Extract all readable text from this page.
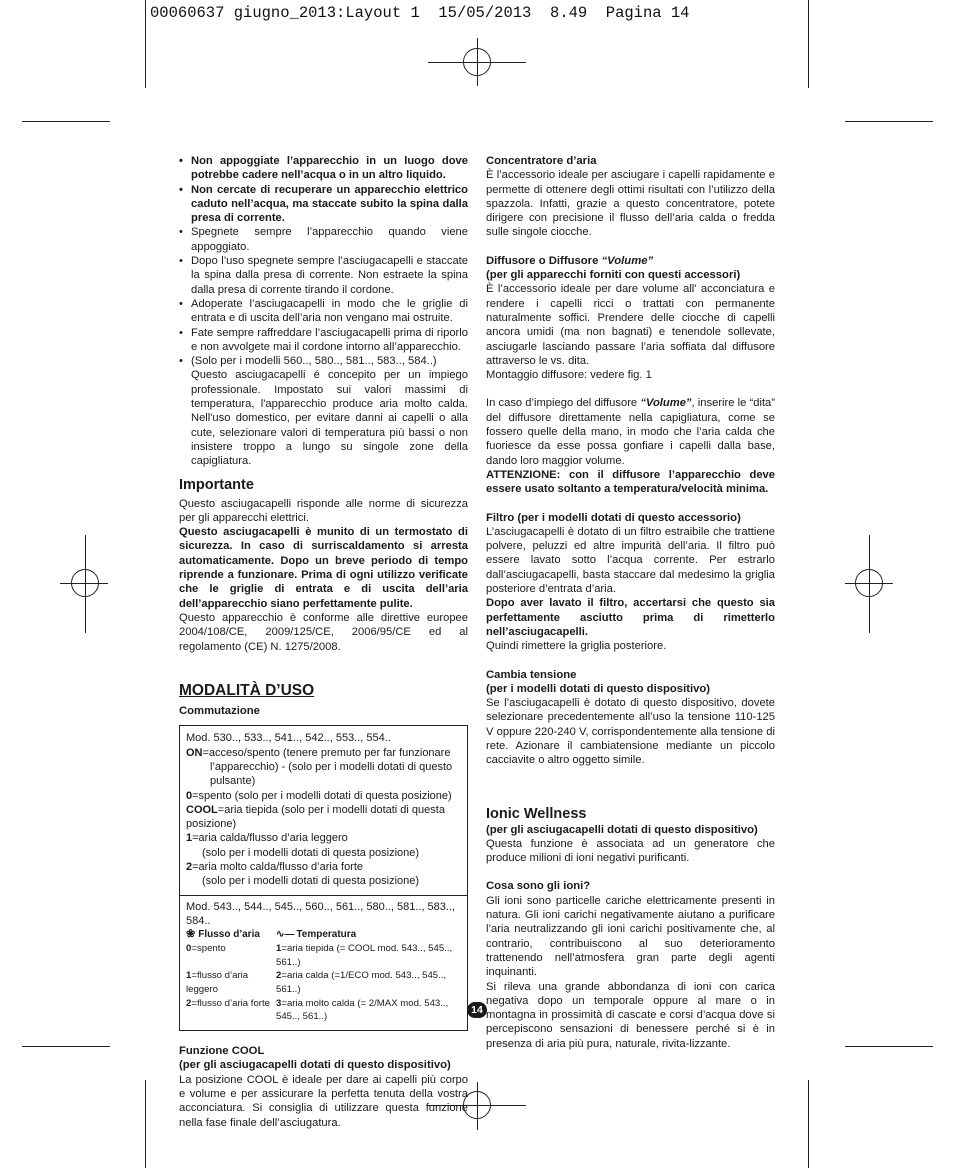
00060637 giugno_2013:Layout 1  15/05/2013  8.49  Pagina 14
• Non appoggiate l’apparecchio in un luogo dove potrebbe cadere nell’acqua o in un altro liquido.
• Non cercate di recuperare un apparecchio elettrico caduto nell’acqua, ma staccate subito la spina dalla presa di corrente.
• Spegnete sempre l’apparecchio quando viene appoggiato.
• Dopo l’uso spegnete sempre l’asciugacapelli e staccate la spina dalla presa di corrente. Non estraete la spina dalla presa di corrente tirando il cordone.
• Adoperate l’asciugacapelli in modo che le griglie di entrata e di uscita dell’aria non vengano mai ostruite.
• Fate sempre raffreddare l’asciugacapelli prima di riporlo e non avvolgete mai il cordone intorno all’apparecchio.
• (Solo per i modelli 560.., 580.., 581.., 583.., 584..)
Questo asciugacapelli é concepito per un impiego professionale. Impostato sui valori massimi di temperatura, l'apparecchio produce aria molto calda. Nell'uso domestico, per evitare danni ai capelli o alla cute, selezionare valori di temperatura più bassi o non insistere troppo a lungo su singole zone della capigliatura.
Importante
Questo asciugacapelli risponde alle norme di sicurezza per gli apparecchi elettrici.
Questo asciugacapelli è munito di un termostato di sicurezza. In caso di surriscaldamento si arresta automaticamente. Dopo un breve periodo di tempo riprende a funzionare. Prima di ogni utilizzo verificate che le griglie di entrata e di uscita dell’aria dell’apparecchio siano perfettamente pulite.
Questo apparecchio è conforme alle direttive europee 2004/108/CE, 2009/125/CE, 2006/95/CE ed al regolamento (CE) N. 1275/2008.
MODALITÀ D’USO
Commutazione
Mod. 530.., 533.., 541.., 542.., 553.., 554..
ON=acceso/spento (tenere premuto per far funzionare
l’apparecchio) - (solo per i modelli dotati di questo pulsante)
0=spento (solo per i modelli dotati di questa posizione)
COOL=aria tiepida (solo per i modelli dotati di questa posizione)
1=aria calda/flusso d’aria leggero
(solo per i modelli dotati di questa posizione)
2=aria molto calda/flusso d’aria forte
(solo per i modelli dotati di questa posizione)
Mod. 543.., 544.., 545.., 560.., 561.., 580.., 581.., 583.., 584..
❀ Flusso d’aria	∿— Temperatura
0=spento	1=aria tiepida (= COOL mod. 543.., 545.., 561..)
1=flusso d’aria leggero
2=aria calda (=1/ECO mod. 543.., 545.., 561..)
2=flusso d’aria forte 3=aria molto calda (= 2/MAX mod. 543.., 545.., 561..)
Funzione COOL
(per gli asciugacapelli dotati di questo dispositivo)
La posizione COOL è ideale per dare ai capelli più corpo e volume e per assicurare la perfetta tenuta della vostra acconciatura. Si consiglia di utilizzare questa funzione nella fase finale dell’asciugatura.
Concentratore d’aria
È l’accessorio ideale per asciugare i capelli rapidamente e permette di ottenere degli ottimi risultati con l’utilizzo della spazzola. Infatti, grazie a questo concentratore, potete dirigere con precisione il flusso dell’aria calda o fredda sulle singole ciocche.
Diffusore o Diffusore “Volume”
(per gli apparecchi forniti con questi accessori)
È l’accessorio ideale per dare volume all' acconciatura e rendere i capelli ricci o trattati con permanente naturalmente soffici. Prendere delle ciocche di capelli ancora umidi (ma non bagnati) e tenendole sollevate, asciugarle lasciando passare l’aria soffiata dal diffusore attraverso le vs. dita.
Montaggio diffusore: vedere fig. 1
In caso d’impiego del diffusore “Volume”, inserire le “dita” del diffusore direttamente nella capigliatura, come se fossero quelle della mano, in modo che l’aria calda che fuoriesce da esse possa gonfiare i capelli dalla base, dando loro maggior volume.
ATTENZIONE: con il diffusore l’apparecchio deve essere usato soltanto a temperatura/velocità minima.
Filtro (per i modelli dotati di questo accessorio)
L’asciugacapelli è dotato di un filtro estraibile che trattiene polvere, peluzzi ed altre impurità dell’aria. Il filtro può essere lavato sotto l’acqua corrente. Per estrarlo dall’asciugacapelli, basta staccare dal medesimo la griglia posteriore d’entrata d’aria.
Dopo aver lavato il filtro, accertarsi che questo sia perfettamente asciutto prima di rimetterlo nell’asciugacapelli.
Quindi rimettere la griglia posteriore.
Cambia tensione
(per i modelli dotati di questo dispositivo)
Se l’asciugacapelli è dotato di questo dispositivo, dovete selezionare precedentemente all’uso la tensione 110-125 V oppure 220-240 V, corrispondentemente alla tensione di rete. Azionare il cambiatensione mediante un piccolo cacciavite o altro oggetto simile.
Ionic Wellness
(per gli asciugacapelli dotati di questo dispositivo)
Questa funzione è associata ad un generatore che produce milioni di ioni negativi purificanti.
Cosa sono gli ioni?
Gli ioni sono particelle cariche elettricamente presenti in natura. Gli ioni carichi negativamente aiutano a purificare l’aria neutralizzando gli ioni carichi positivamente che, al contrario, contribuiscono al suo deterioramento trattenendo nell’atmosfera gran parte degli agenti inquinanti.
Si rileva una grande abbondanza di ioni con carica negativa dopo un temporale oppure al mare o in montagna in prossimità di cascate e corsi d’acqua dove si percepiscono sensazioni di benessere perché si è in presenza di aria più pura, naturale, rivita-lizzante.
14
